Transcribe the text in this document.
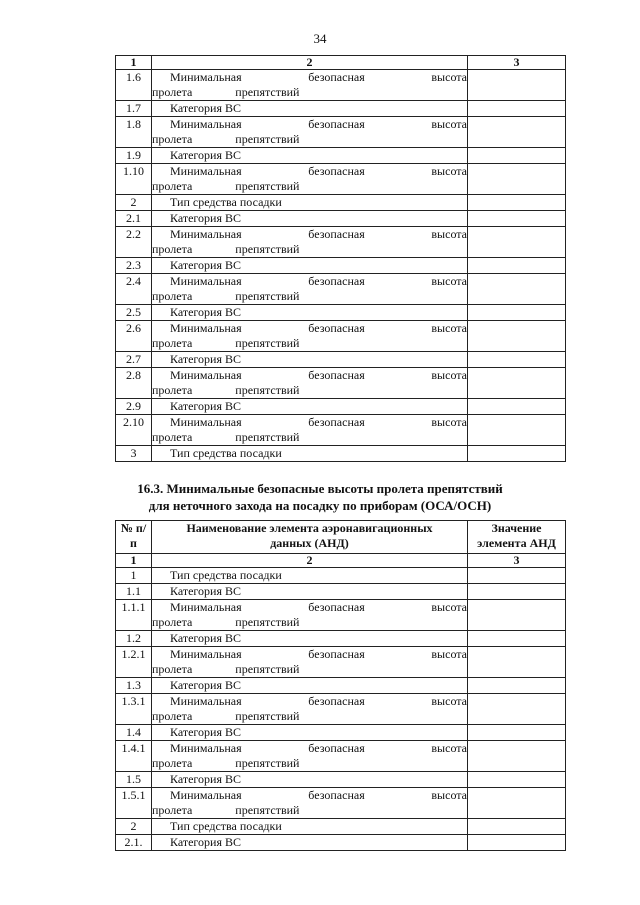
34
1	2	3
1.6	Минимальная безопасная высота пролета препятствий	
1.7	Категория ВС	
1.8	Минимальная безопасная высота пролета препятствий	
1.9	Категория ВС	
1.10	Минимальная безопасная высота пролета препятствий	
2	Тип средства посадки	
2.1	Категория ВС	
2.2	Минимальная безопасная высота пролета препятствий	
2.3	Категория ВС	
2.4	Минимальная безопасная высота пролета препятствий	
2.5	Категория ВС	
2.6	Минимальная безопасная высота пролета препятствий	
2.7	Категория ВС	
2.8	Минимальная безопасная высота пролета препятствий	
2.9	Категория ВС	
2.10	Минимальная безопасная высота пролета препятствий	
3	Тип средства посадки	
16.3. Минимальные безопасные высоты пролета препятствий
для неточного захода на посадку по приборам (ОСА/ОСН)
№ п/п	Наименование элемента аэронавигационных данных (АНД)	Значение элемента АНД
1	2	3
1	Тип средства посадки	
1.1	Категория ВС	
1.1.1	Минимальная безопасная высота пролета препятствий	
1.2	Категория ВС	
1.2.1	Минимальная безопасная высота пролета препятствий	
1.3	Категория ВС	
1.3.1	Минимальная безопасная высота пролета препятствий	
1.4	Категория ВС	
1.4.1	Минимальная безопасная высота пролета препятствий	
1.5	Категория ВС	
1.5.1	Минимальная безопасная высота пролета препятствий	
2	Тип средства посадки	
2.1.	Категория ВС	
